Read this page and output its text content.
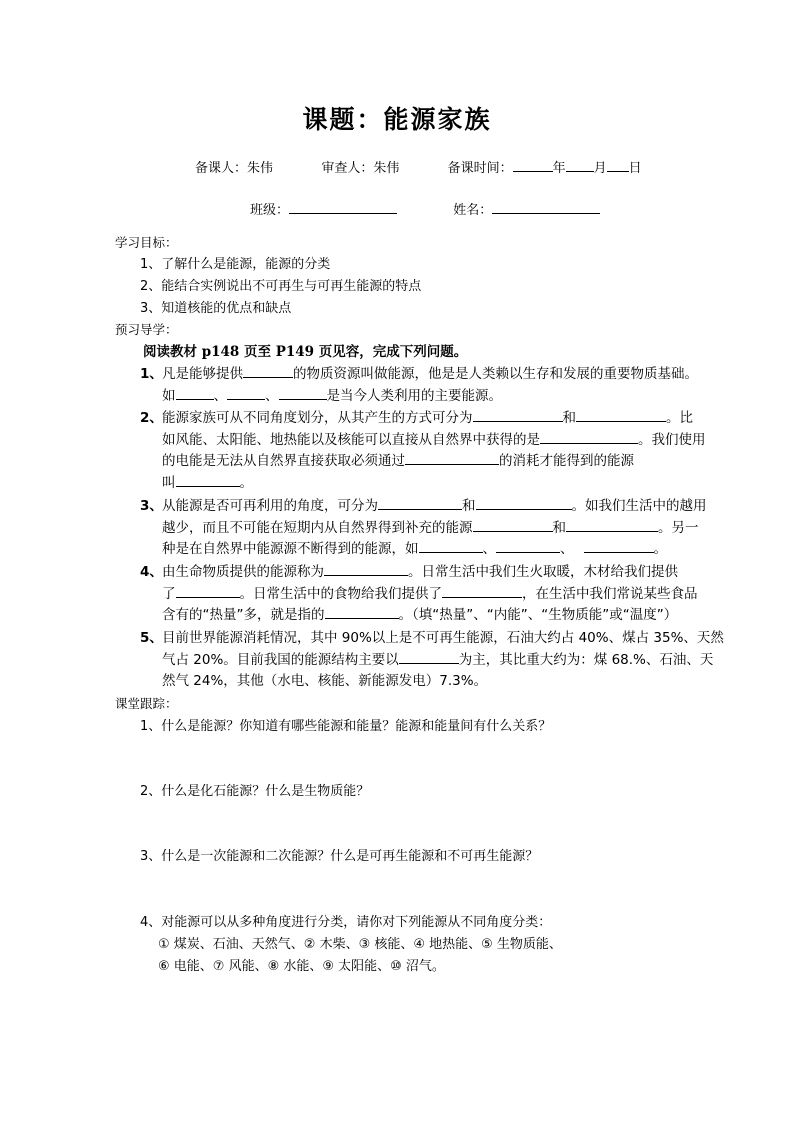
课题：能源家族
备课人：朱伟	审查人：朱伟	备课时间：	年 月 日
班级：	姓名：
学习目标：
1、了解什么是能源，能源的分类
2、能结合实例说出不可再生与可再生能源的特点
3、知道核能的优点和缺点
预习导学：
阅读教材 p148 页至 P149 页见容，完成下列问题。
1、 凡是能够提供	的物质资源叫做能源，他是是人类赖以生存和发展的重要物质基础。
如	、	、	是当今人类利用的主要能源。
2、 能源家族可从不同角度划分，从其产生的方式可分为	和	。比
如风能、太阳能、地热能以及核能可以直接从自然界中获得的是	。我们使用
的电能是无法从自然界直接获取必须通过	的消耗才能得到的能源
叫	。
3、 从能源是否可再利用的角度，可分为	和	。如我们生活中的越用
越少，而且不可能在短期内从自然界得到补充的能源	和	。另一
种是在自然界中能源源不断得到的能源，如	、	、	。
4、 由生命物质提供的能源称为	。日常生活中我们生火取暖，木材给我们提供
了	。日常生活中的食物给我们提供了	，在生活中我们常说某些食品
含有的“热量”多，就是指的	。（填“热量”、“内能”、“生物质能”或“温度”）
5、 目前世界能源消耗情况，其中 90%以上是不可再生能源，石油大约占 40%、煤占 35%、天然
气占 20%。目前我国的能源结构主要以	为主，其比重大约为：煤 68.%、石油、天
然气 24%，其他（水电、核能、新能源发电）7.3%。
课堂跟踪：
1、什么是能源？你知道有哪些能源和能量？能源和能量间有什么关系？
2、什么是化石能源？什么是生物质能？
3、什么是一次能源和二次能源？什么是可再生能源和不可再生能源？
4、对能源可以从多种角度进行分类，请你对下列能源从不同角度分类：
① 煤炭、石油、天然气、② 木柴、③ 核能、④ 地热能、⑤ 生物质能、
⑥ 电能、⑦ 风能、⑧ 水能、⑨ 太阳能、⑩ 沼气。
